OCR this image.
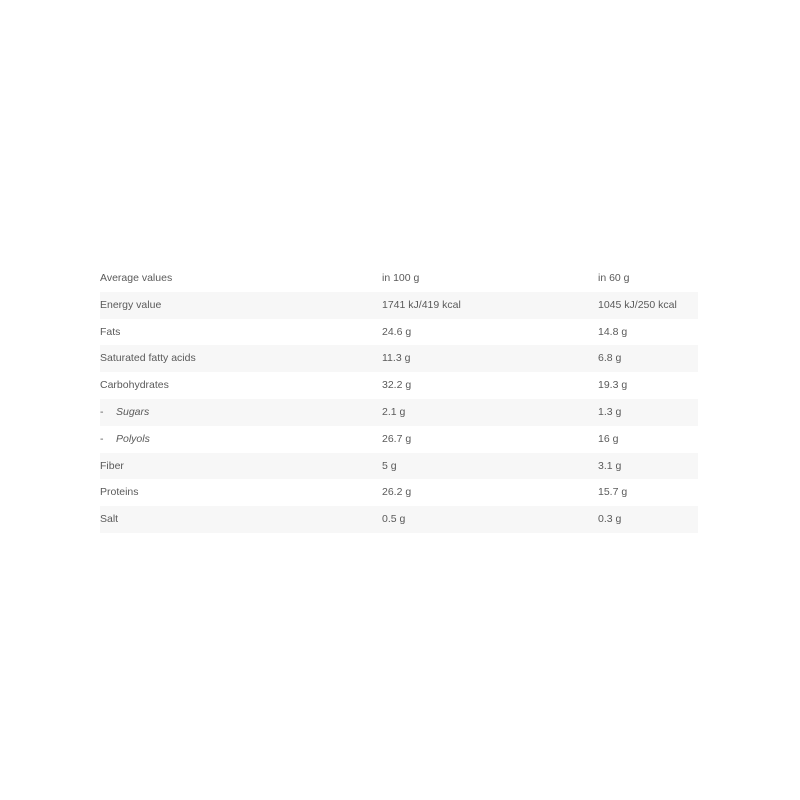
Average values	in 100 g	in 60 g
Energy value	1741 kJ/419 kcal	1045 kJ/250 kcal
Fats	24.6 g	14.8 g
Saturated fatty acids	11.3 g	6.8 g
Carbohydrates	32.2 g	19.3 g
- Sugars	2.1 g	1.3 g
- Polyols	26.7 g	16 g
Fiber	5 g	3.1 g
Proteins	26.2 g	15.7 g
Salt	0.5 g	0.3 g
